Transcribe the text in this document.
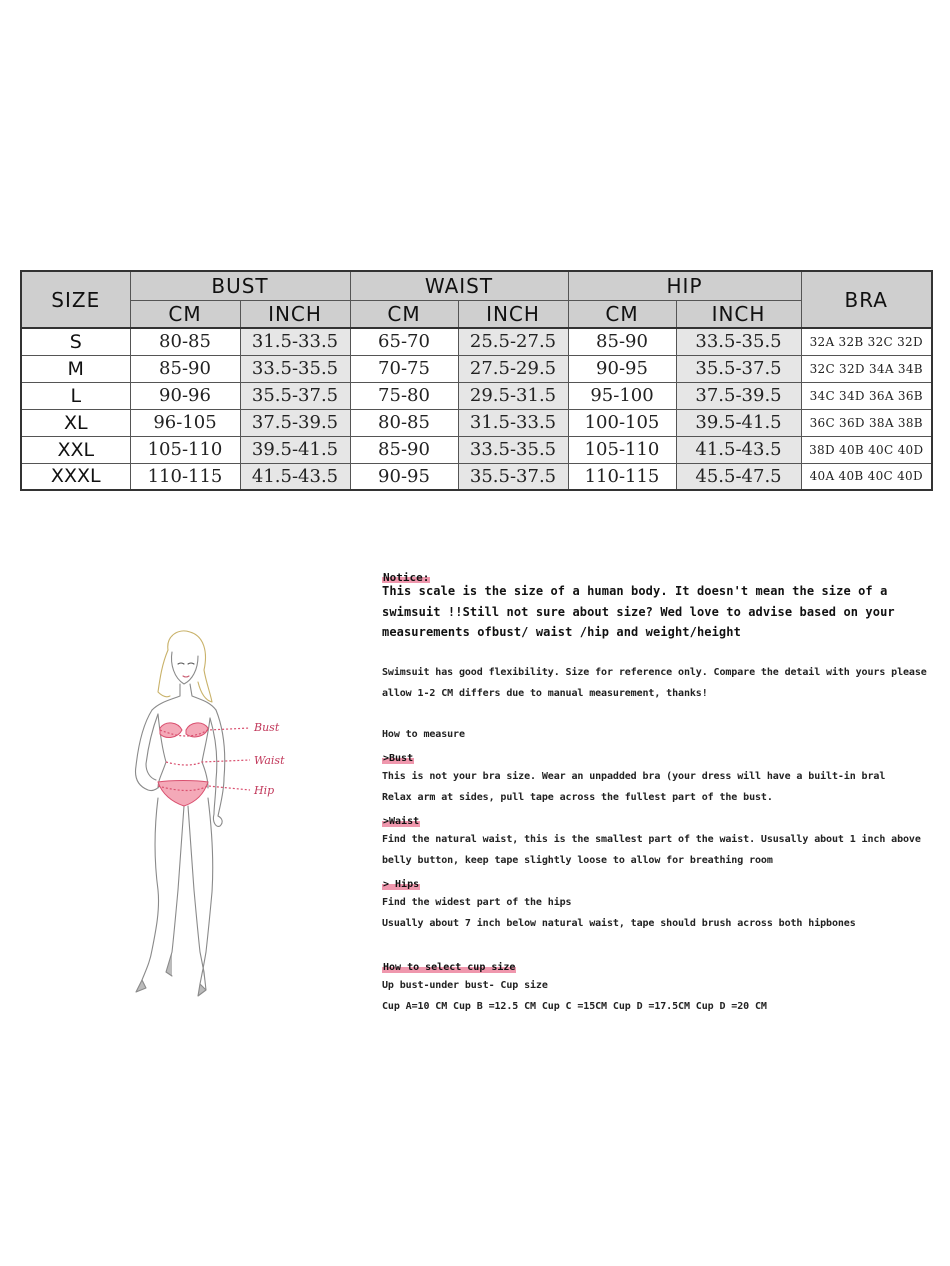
SIZE	BUST		WAIST		HIP		BRA
	CM	INCH	CM	INCH	CM	INCH	
S	80-85	31.5-33.5	65-70	25.5-27.5	85-90	33.5-35.5	32A 32B 32C 32D
M	85-90	33.5-35.5	70-75	27.5-29.5	90-95	35.5-37.5	32C 32D 34A 34B
L	90-96	35.5-37.5	75-80	29.5-31.5	95-100	37.5-39.5	34C 34D 36A 36B
XL	96-105	37.5-39.5	80-85	31.5-33.5	100-105	39.5-41.5	36C 36D 38A 38B
XXL	105-110	39.5-41.5	85-90	33.5-35.5	105-110	41.5-43.5	38D 40B 40C 40D
XXXL	110-115	41.5-43.5	90-95	35.5-37.5	110-115	45.5-47.5	40A 40B 40C 40D
Bust
Waist
Hip
Notice:
This scale is the size of a human body. It doesn't mean the size of a
swimsuit !!Still not sure about size? Wed love to advise based on your
measurements ofbust/ waist /hip and weight/height
Swimsuit has good flexibility. Size for reference only. Compare the detail with yours please
allow 1-2 CM differs due to manual measurement, thanks!
How to measure
>Bust
This is not your bra size. Wear an unpadded bra (your dress will have a built-in bral
Relax arm at sides, pull tape across the fullest part of the bust.
>Waist
Find the natural waist, this is the smallest part of the waist. Ususally about 1 inch above
belly button, keep tape slightly loose to allow for breathing room
> Hips
Find the widest part of the hips
Usually about 7 inch below natural waist, tape should brush across both hipbones
How to select cup size
Up bust-under bust- Cup size
Cup A=10 CM Cup B =12.5 CM Cup C =15CM Cup D =17.5CM Cup D =20 CM
